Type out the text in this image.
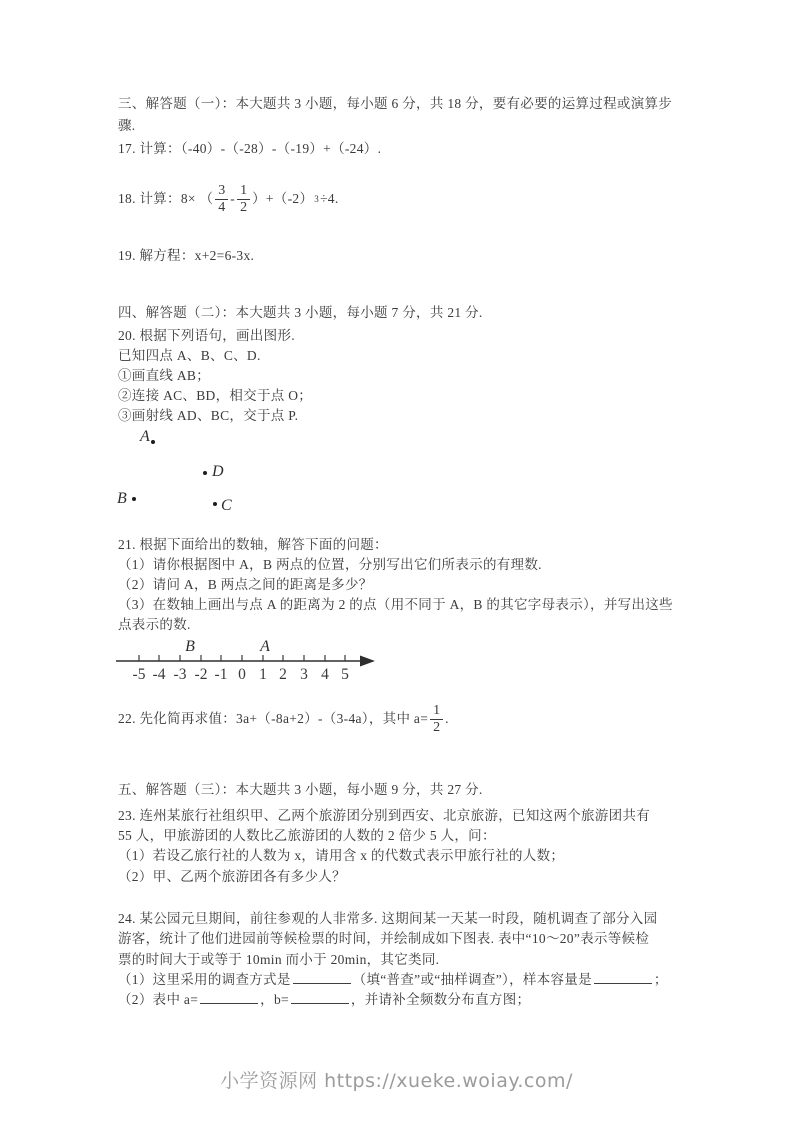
三、解答题（一）：本大题共 3 小题，每小题 6 分，共 18 分，要有必要的运算过程或演算步
骤.
17. 计算：（-40）-（-28）-（-19）+（-24）.
18. 计算：8× （ $\frac{3}{4} - \frac{1}{2} )+(-2)$ 3 ÷4.
19. 解方程：x+2=6-3x.
四、解答题（二）：本大题共 3 小题，每小题 7 分，共 21 分.
20. 根据下列语句，画出图形.
已知四点 A、B、C、D.
①画直线 AB；
②连接 AC、BD，相交于点 O；
③画射线 AD、BC，交于点 P.
A
D
B	C
21. 根据下面给出的数轴，解答下面的问题：
（1）请你根据图中 A，B 两点的位置，分别写出它们所表示的有理数.
（2）请问 A，B 两点之间的距离是多少？
（3）在数轴上画出与点 A 的距离为 2 的点（用不同于 A，B 的其它字母表示），并写出这些
点表示的数.
-5 -4 -3 -2 -1 0 1 2 3 4 5
B	A
22. 先化简再求值：3a+（-8a+2）-（3-4a），其中 $a= \frac{1}{2}$ .
五、解答题（三）：本大题共 3 小题，每小题 9 分，共 27 分.
23. 连州某旅行社组织甲、乙两个旅游团分别到西安、北京旅游，已知这两个旅游团共有
55 人，甲旅游团的人数比乙旅游团的人数的 2 倍少 5 人，问：
（1）若设乙旅行社的人数为 x，请用含 x 的代数式表示甲旅行社的人数；
（2）甲、乙两个旅游团各有多少人？
24. 某公园元旦期间，前往参观的人非常多. 这期间某一天某一时段，随机调查了部分入园
游客，统计了他们进园前等候检票的时间，并绘制成如下图表. 表中“10～20”表示等候检
票的时间大于或等于 10min 而小于 20min，其它类同.
（1）这里采用的调查方式是	（填“普查”或“抽样调查”），样本容量是	；
（2）表中 a=	，b=	，并请补全频数分布直方图；
小学资源网 https://xueke.woiay.com/
